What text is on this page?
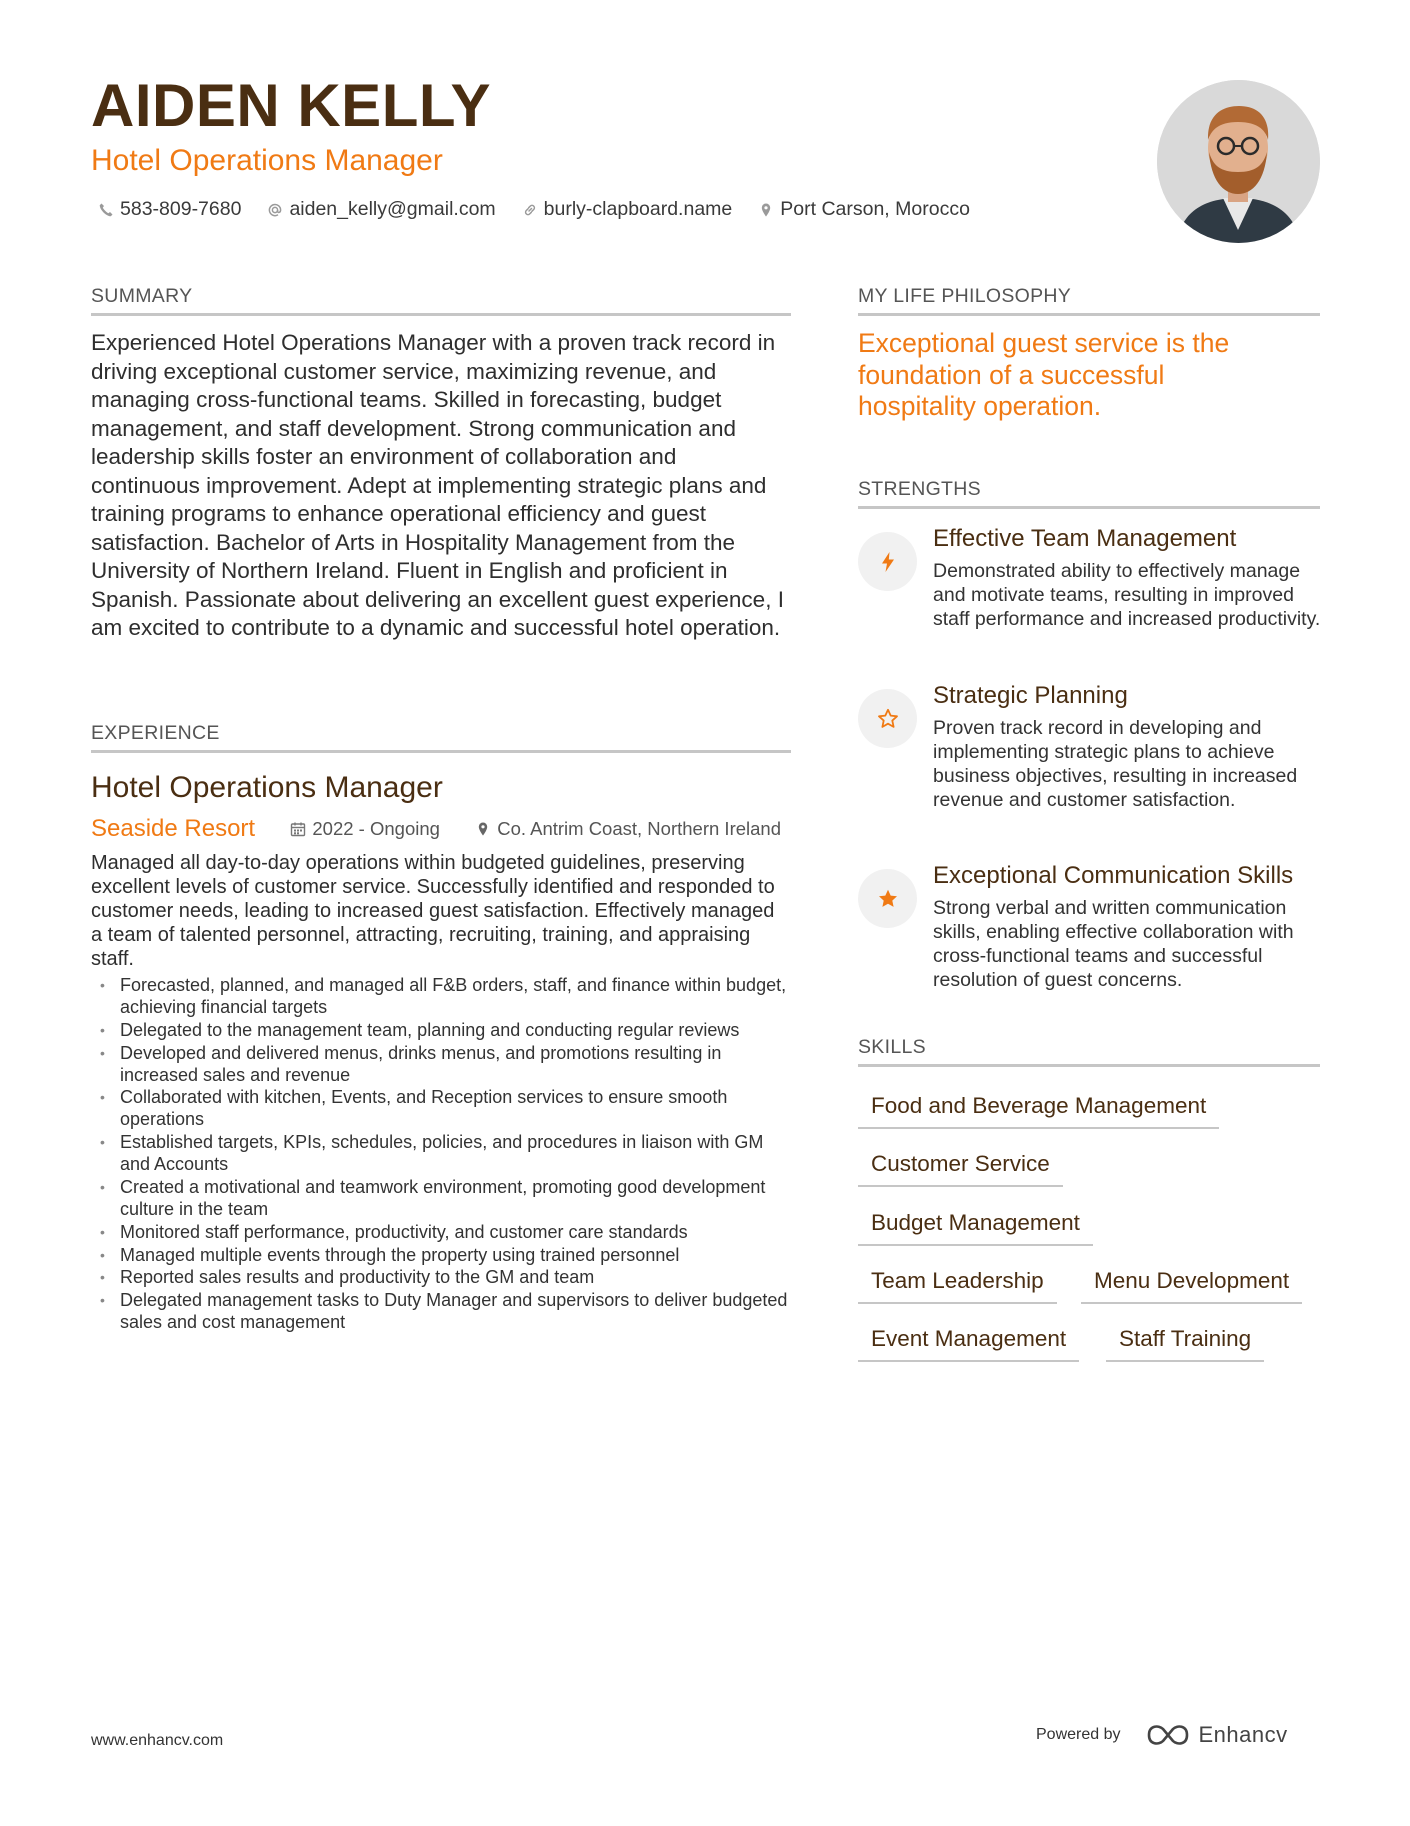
AIDEN KELLY
Hotel Operations Manager
583-809-7680 aiden_kelly@gmail.com burly-clapboard.name Port Carson, Morocco
SUMMARY
Experienced Hotel Operations Manager with a proven track record in driving exceptional customer service, maximizing revenue, and managing cross-functional teams. Skilled in forecasting, budget management, and staff development. Strong communication and leadership skills foster an environment of collaboration and continuous improvement. Adept at implementing strategic plans and training programs to enhance operational efficiency and guest satisfaction. Bachelor of Arts in Hospitality Management from the University of Northern Ireland. Fluent in English and proficient in Spanish. Passionate about delivering an excellent guest experience, I am excited to contribute to a dynamic and successful hotel operation.
EXPERIENCE
Hotel Operations Manager
Seaside Resort	2022 - Ongoing	Co. Antrim Coast, Northern Ireland
Managed all day-to-day operations within budgeted guidelines, preserving excellent levels of customer service. Successfully identified and responded to customer needs, leading to increased guest satisfaction. Effectively managed a team of talented personnel, attracting, recruiting, training, and appraising staff.
• Forecasted, planned, and managed all F&B orders, staff, and finance within budget, achieving financial targets
• Delegated to the management team, planning and conducting regular reviews
• Developed and delivered menus, drinks menus, and promotions resulting in increased sales and revenue
• Collaborated with kitchen, Events, and Reception services to ensure smooth operations
• Established targets, KPIs, schedules, policies, and procedures in liaison with GM and Accounts
• Created a motivational and teamwork environment, promoting good development culture in the team
• Monitored staff performance, productivity, and customer care standards
• Managed multiple events through the property using trained personnel
• Reported sales results and productivity to the GM and team
• Delegated management tasks to Duty Manager and supervisors to deliver budgeted sales and cost management
MY LIFE PHILOSOPHY
Exceptional guest service is the foundation of a successful hospitality operation.
STRENGTHS
Effective Team Management
Demonstrated ability to effectively manage and motivate teams, resulting in improved staff performance and increased productivity.
Strategic Planning
Proven track record in developing and implementing strategic plans to achieve business objectives, resulting in increased revenue and customer satisfaction.
Exceptional Communication Skills
Strong verbal and written communication skills, enabling effective collaboration with cross-functional teams and successful resolution of guest concerns.
SKILLS
Food and Beverage Management
Customer Service
Budget Management
Team Leadership	Menu Development
Event Management	Staff Training
www.enhancv.com	Powered by	Enhancv
